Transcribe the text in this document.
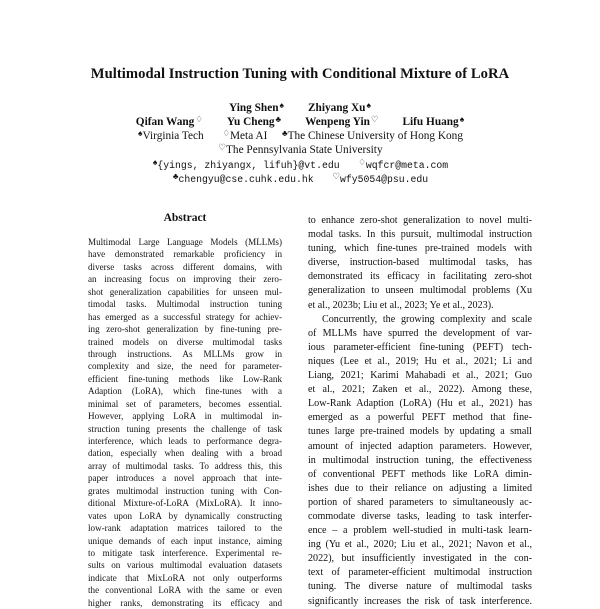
Multimodal Instruction Tuning with Conditional Mixture of LoRA
Ying Shen♠ Zhiyang Xu♠
Qifan Wang♢ Yu Cheng♣ Wenpeng Yin♡ Lifu Huang♠
♠Virginia Tech ♢Meta AI ♣The Chinese University of Hong Kong
♡The Pennsylvania State University
♠{yings, zhiyangx, lifuh}@vt.edu ♢wqfcr@meta.com
♣chengyu@cse.cuhk.edu.hk ♡wfy5054@psu.edu
Abstract

Multimodal Large Language Models (MLLMs)

have demonstrated remarkable proficiency in

diverse tasks across different domains, with

an increasing focus on improving their zero-

shot generalization capabilities for unseen mul-

timodal tasks. Multimodal instruction tuning

has emerged as a successful strategy for achiev-

ing zero-shot generalization by fine-tuning pre-

trained models on diverse multimodal tasks

through instructions. As MLLMs grow in

complexity and size, the need for parameter-

efficient fine-tuning methods like Low-Rank

Adaption (LoRA), which fine-tunes with a

minimal set of parameters, becomes essential.

However, applying LoRA in multimodal in-

struction tuning presents the challenge of task

interference, which leads to performance degra-

dation, especially when dealing with a broad

array of multimodal tasks. To address this, this

paper introduces a novel approach that inte-

grates multimodal instruction tuning with Con-

ditional Mixture-of-LoRA (MixLoRA). It inno-

vates upon LoRA by dynamically constructing

low-rank adaptation matrices tailored to the

unique demands of each input instance, aiming

to mitigate task interference. Experimental re-

sults on various multimodal evaluation datasets

indicate that MixLoRA not only outperforms

the conventional LoRA with the same or even

higher ranks, demonstrating its efficacy and

to enhance zero-shot generalization to novel multi-

modal tasks. In this pursuit, multimodal instruction

tuning, which fine-tunes pre-trained models with

diverse, instruction-based multimodal tasks, has

demonstrated its efficacy in facilitating zero-shot

generalization to unseen multimodal problems (Xu

et al., 2023b; Liu et al., 2023; Ye et al., 2023).

Concurrently, the growing complexity and scale

of MLLMs have spurred the development of var-

ious parameter-efficient fine-tuning (PEFT) tech-

niques (Lee et al., 2019; Hu et al., 2021; Li and

Liang, 2021; Karimi Mahabadi et al., 2021; Guo

et al., 2021; Zaken et al., 2022). Among these,

Low-Rank Adaption (LoRA) (Hu et al., 2021) has

emerged as a powerful PEFT method that fine-

tunes large pre-trained models by updating a small

amount of injected adaption parameters. However,

in multimodal instruction tuning, the effectiveness

of conventional PEFT methods like LoRA dimin-

ishes due to their reliance on adjusting a limited

portion of shared parameters to simultaneously ac-

commodate diverse tasks, leading to task interfer-

ence – a problem well-studied in multi-task learn-

ing (Yu et al., 2020; Liu et al., 2021; Navon et al.,

2022), but insufficiently investigated in the con-

text of parameter-efficient multimodal instruction

tuning. The diverse nature of multimodal tasks

significantly increases the risk of task interference.
